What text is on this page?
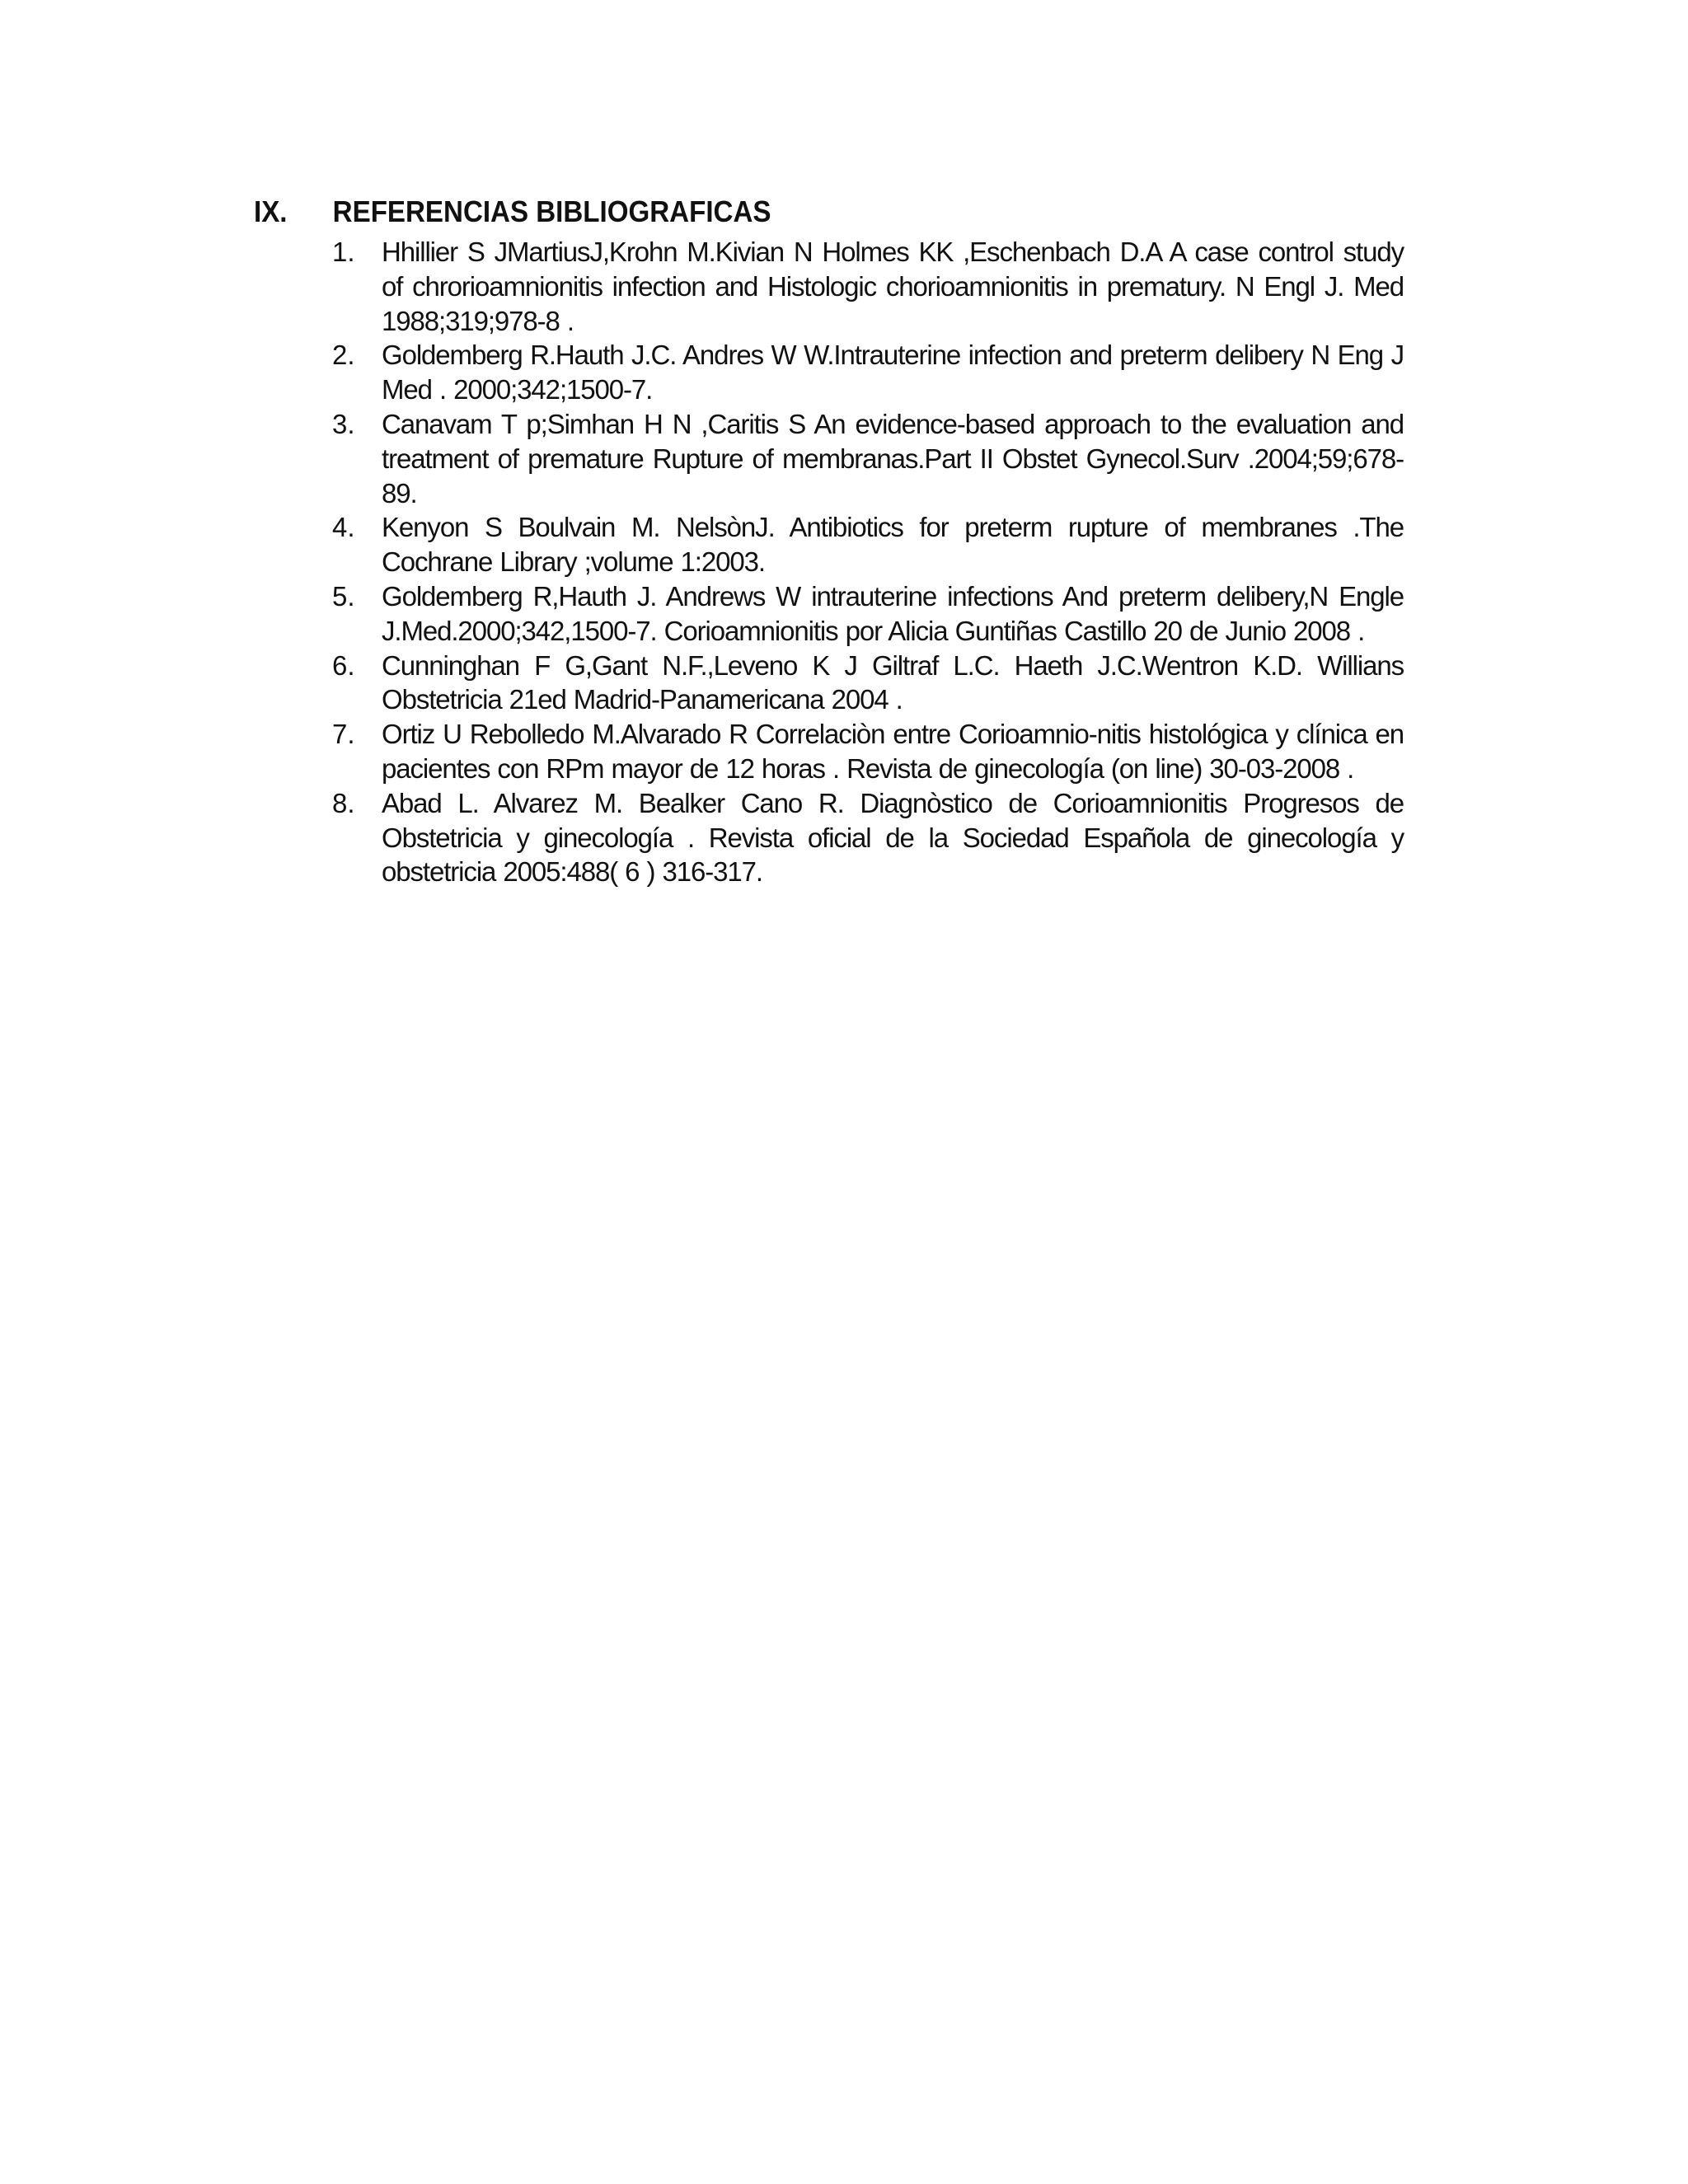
IX. REFERENCIAS BIBLIOGRAFICAS
1. Hhillier S JMartiusJ,Krohn M.Kivian N Holmes KK ,Eschenbach D.A A case control study of chrorioamnionitis infection and Histologic chorioamnionitis in prematury. N Engl J. Med 1988;319;978-8 .
2. Goldemberg R.Hauth J.C. Andres W W.Intrauterine infection and preterm delibery N Eng J Med . 2000;342;1500-7.
3. Canavam T p;Simhan H N ,Caritis S An evidence-based approach to the evaluation and treatment of premature Rupture of membranas.Part II Obstet Gynecol.Surv .2004;59;678-89.
4. Kenyon S Boulvain M. NelsònJ. Antibiotics for preterm rupture of membranes .The Cochrane Library ;volume 1:2003.
5. Goldemberg R,Hauth J. Andrews W intrauterine infections And preterm delibery,N Engle J.Med.2000;342,1500-7. Corioamnionitis por Alicia Guntiñas Castillo 20 de Junio 2008 .
6. Cunninghan F G,Gant N.F.,Leveno K J Giltraf L.C. Haeth J.C.Wentron K.D. Willians Obstetricia 21ed Madrid-Panamericana 2004 .
7. Ortiz U Rebolledo M.Alvarado R Correlaciòn entre Corioamnio-nitis histológica y clínica en pacientes con RPm mayor de 12 horas . Revista de ginecología (on line) 30-03-2008 .
8. Abad L. Alvarez M. Bealker Cano R. Diagnòstico de Corioamnionitis Progresos de Obstetricia y ginecología . Revista oficial de la Sociedad Española de ginecología y obstetricia 2005:488( 6 ) 316-317.
